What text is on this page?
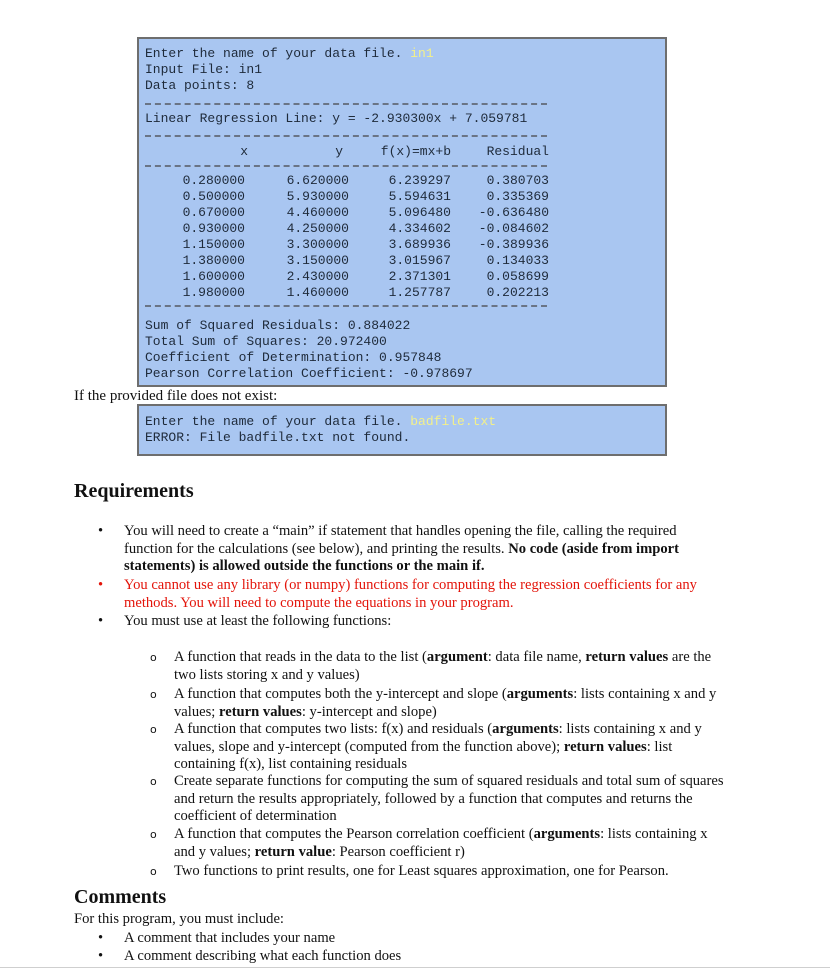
Enter the name of your data file. in1
Input File: in1
Data points: 8
Linear Regression Line: y = -2.930300x + 7.059781
x	y	f(x)=mx+b	Residual
0.280000	6.620000	6.239297	0.380703
0.500000	5.930000	5.594631	0.335369
0.670000	4.460000	5.096480	-0.636480
0.930000	4.250000	4.334602	-0.084602
1.150000	3.300000	3.689936	-0.389936
1.380000	3.150000	3.015967	0.134033
1.600000	2.430000	2.371301	0.058699
1.980000	1.460000	1.257787	0.202213
Sum of Squared Residuals: 0.884022
Total Sum of Squares: 20.972400
Coefficient of Determination: 0.957848
Pearson Correlation Coefficient: -0.978697
If the provided file does not exist:
Enter the name of your data file. badfile.txt
ERROR: File badfile.txt not found.
Requirements
• You will need to create a “main” if statement that handles opening the file, calling the required function for the calculations (see below), and printing the results. No code (aside from import statements) is allowed outside the functions or the main if.
• You cannot use any library (or numpy) functions for computing the regression coefficients for any methods. You will need to compute the equations in your program.
• You must use at least the following functions:
o A function that reads in the data to the list (argument: data file name, return values are the two lists storing x and y values)
o A function that computes both the y-intercept and slope (arguments: lists containing x and y values; return values: y-intercept and slope)
o A function that computes two lists: f(x) and residuals (arguments: lists containing x and y values, slope and y-intercept (computed from the function above); return values: list containing f(x), list containing residuals
o Create separate functions for computing the sum of squared residuals and total sum of squares and return the results appropriately, followed by a function that computes and returns the coefficient of determination
o A function that computes the Pearson correlation coefficient (arguments: lists containing x and y values; return value: Pearson coefficient r)
o Two functions to print results, one for Least squares approximation, one for Pearson.
Comments
For this program, you must include:
• A comment that includes your name
• A comment describing what each function does
